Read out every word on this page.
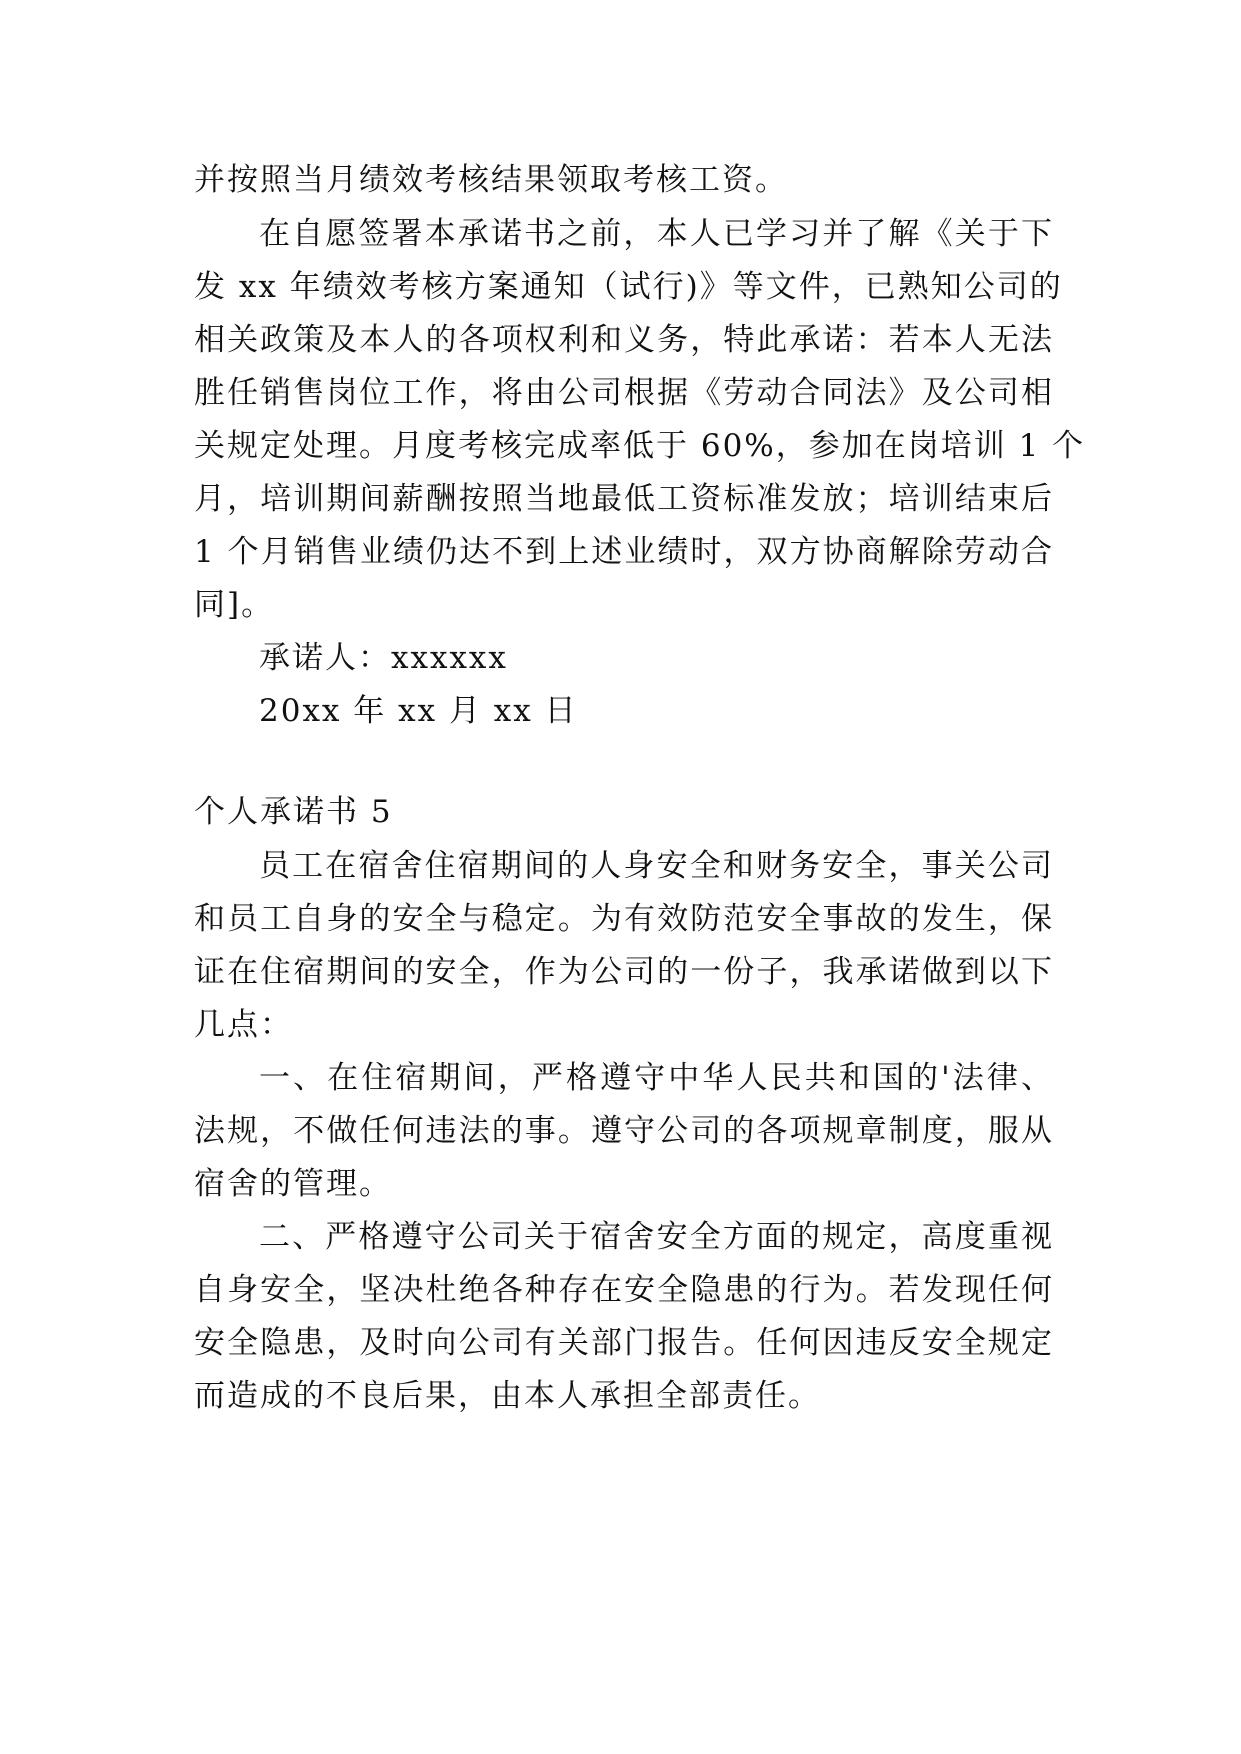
并按照当月绩效考核结果领取考核工资。
在自愿签署本承诺书之前，本人已学习并了解《关于下
发 xx 年绩效考核方案通知（试行)》等文件，已熟知公司的
相关政策及本人的各项权利和义务，特此承诺：若本人无法
胜任销售岗位工作，将由公司根据《劳动合同法》及公司相
关规定处理。月度考核完成率低于 60%，参加在岗培训 1 个
月，培训期间薪酬按照当地最低工资标准发放；培训结束后
1 个月销售业绩仍达不到上述业绩时，双方协商解除劳动合
同]。
承诺人：xxxxxx
20xx 年 xx 月 xx 日
个人承诺书 5
员工在宿舍住宿期间的人身安全和财务安全，事关公司
和员工自身的安全与稳定。为有效防范安全事故的发生，保
证在住宿期间的安全，作为公司的一份子，我承诺做到以下
几点：
一、在住宿期间，严格遵守中华人民共和国的'法律、
法规，不做任何违法的事。遵守公司的各项规章制度，服从
宿舍的管理。
二、严格遵守公司关于宿舍安全方面的规定，高度重视
自身安全，坚决杜绝各种存在安全隐患的行为。若发现任何
安全隐患，及时向公司有关部门报告。任何因违反安全规定
而造成的不良后果，由本人承担全部责任。
